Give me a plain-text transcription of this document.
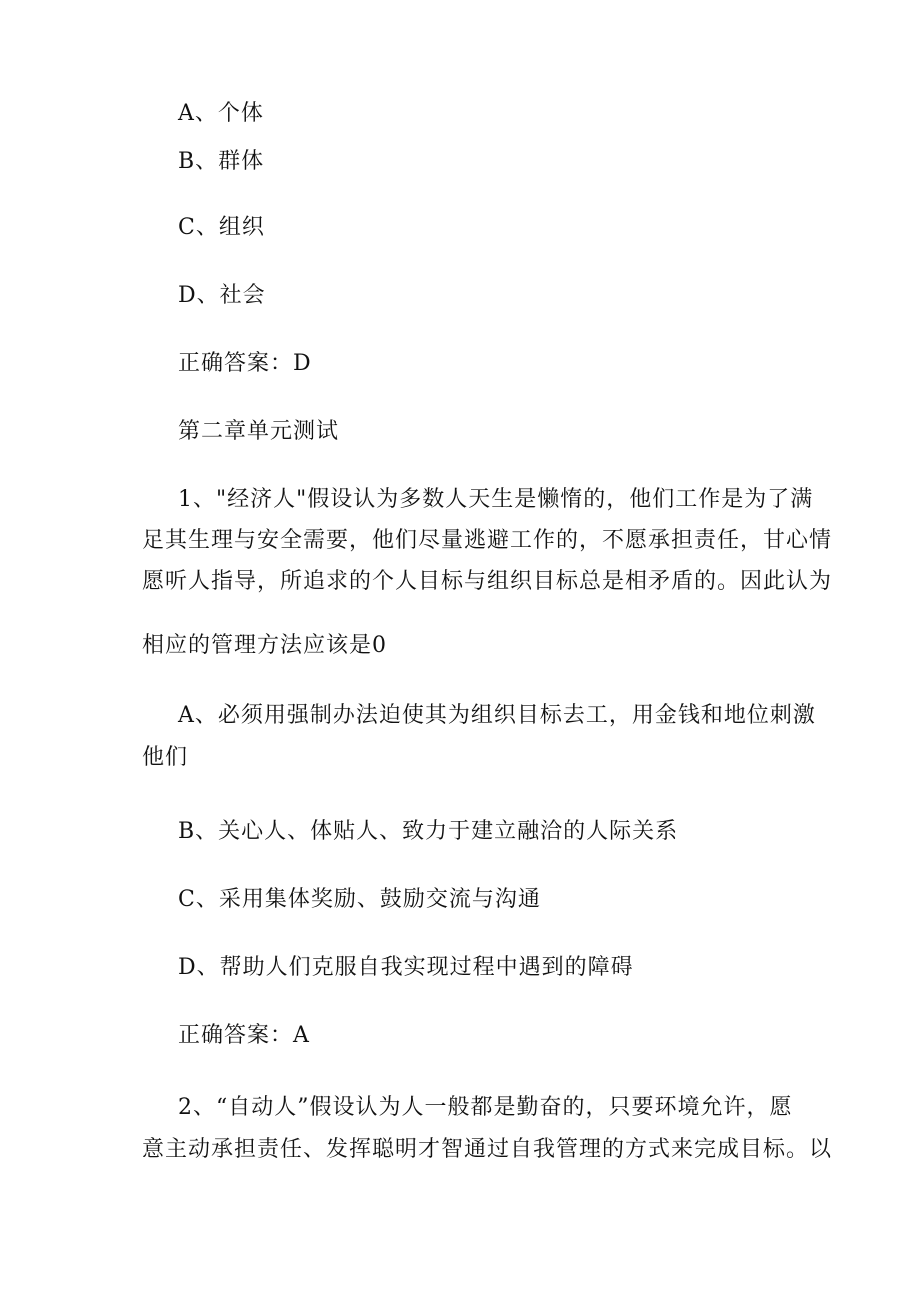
A、个体
B、群体
C、组织
D、社会
正确答案：D
第二章单元测试
1、"经济人"假设认为多数人天生是懒惰的，他们工作是为了满
足其生理与安全需要，他们尽量逃避工作的，不愿承担责任，甘心情
愿听人指导，所追求的个人目标与组织目标总是相矛盾的。因此认为
相应的管理方法应该是0
A、必须用强制办法迫使其为组织目标去工，用金钱和地位刺激
他们
B、关心人、体贴人、致力于建立融洽的人际关系
C、采用集体奖励、鼓励交流与沟通
D、帮助人们克服自我实现过程中遇到的障碍
正确答案：A
2、“自动人”假设认为人一般都是勤奋的，只要环境允许，愿
意主动承担责任、发挥聪明才智通过自我管理的方式来完成目标。以
